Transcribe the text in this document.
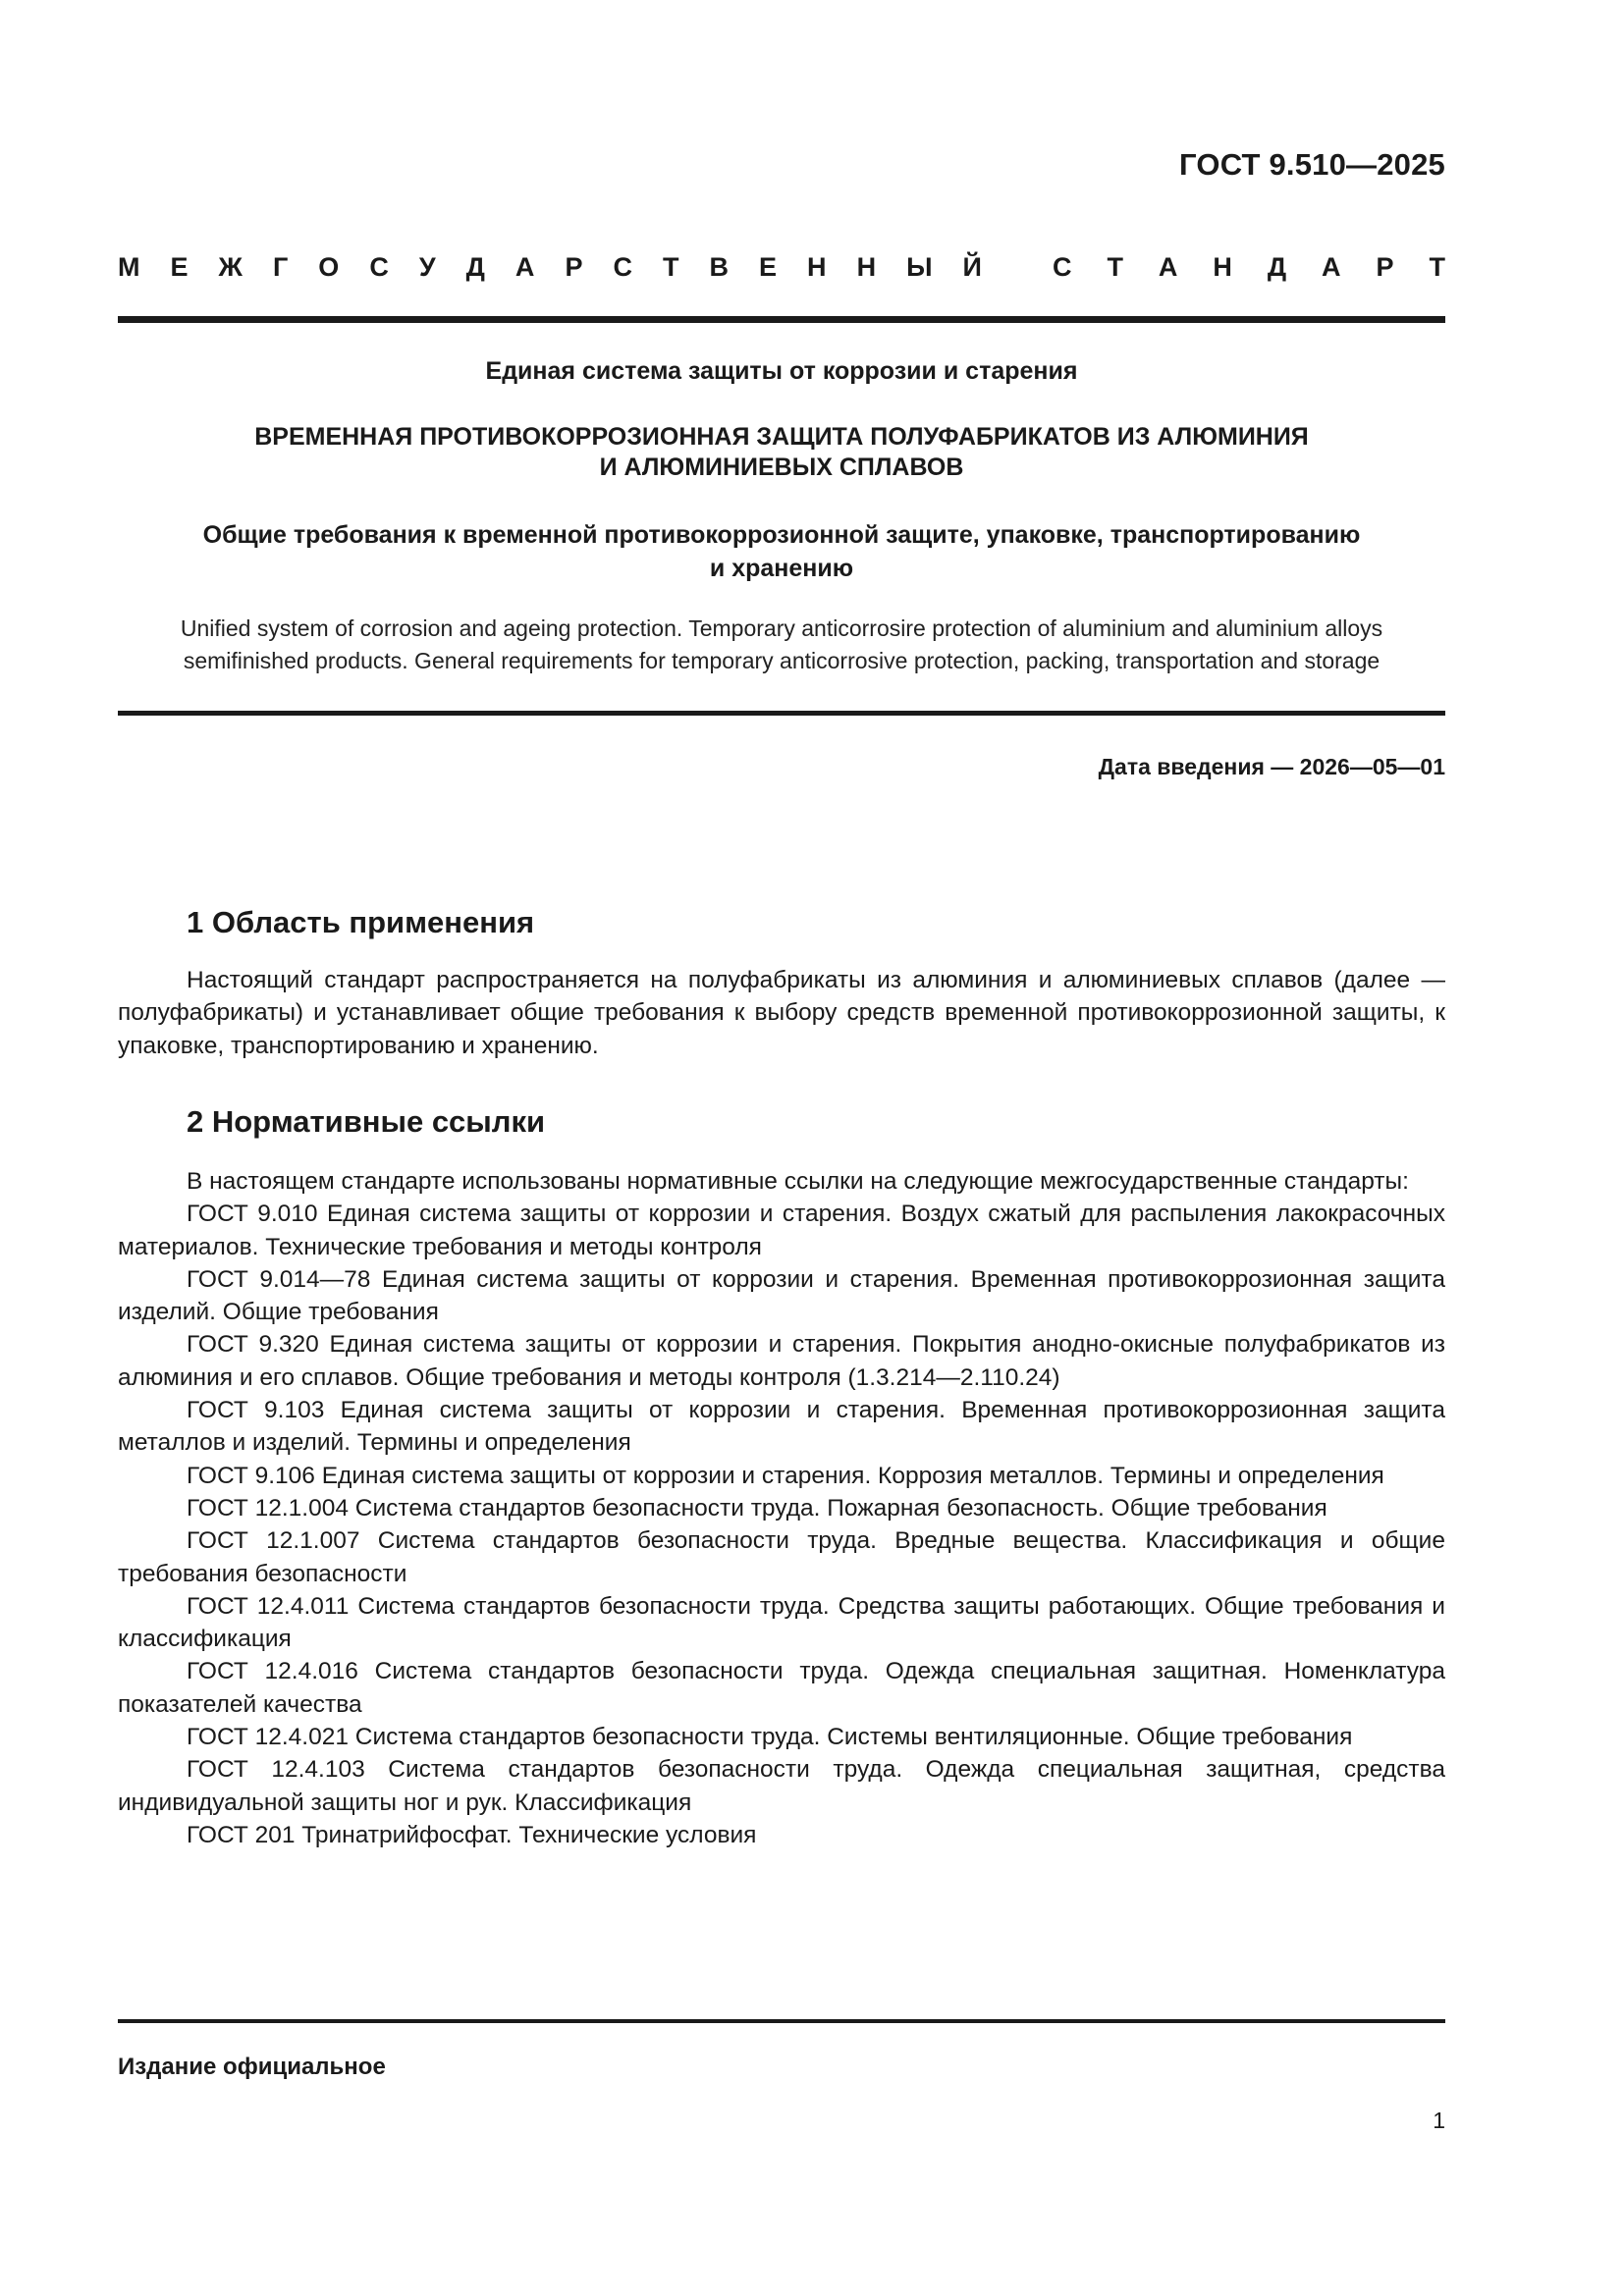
ГОСТ 9.510—2025
М Е Ж Г О С У Д А Р С Т В Е Н Н Ы Й	С Т А Н Д А Р Т
Единая система защиты от коррозии и старения
ВРЕМЕННАЯ ПРОТИВОКОРРОЗИОННАЯ ЗАЩИТА ПОЛУФАБРИКАТОВ ИЗ АЛЮМИНИЯ
И АЛЮМИНИЕВЫХ СПЛАВОВ
Общие требования к временной противокоррозионной защите, упаковке, транспортированию
и хранению
Unified system of corrosion and ageing protection. Temporary anticorrosire protection of aluminium and aluminium alloys
semifinished products. General requirements for temporary anticorrosive protection, packing, transportation and storage
Дата введения — 2026—05—01
1 Область применения

Настоящий стандарт распространяется на полуфабрикаты из алюминия и алюминиевых сплавов (далее — полуфабрикаты) и устанавливает общие требования к выбору средств временной противокоррозионной защиты, к упаковке, транспортированию и хранению.

2 Нормативные ссылки

В настоящем стандарте использованы нормативные ссылки на следующие межгосударственные стандарты:

ГОСТ 9.010 Единая система защиты от коррозии и старения. Воздух сжатый для распыления лакокрасочных материалов. Технические требования и методы контроля

ГОСТ 9.014—78 Единая система защиты от коррозии и старения. Временная противокоррозионная защита изделий. Общие требования

ГОСТ 9.320 Единая система защиты от коррозии и старения. Покрытия анодно-окисные полуфабрикатов из алюминия и его сплавов. Общие требования и методы контроля (1.3.214—2.110.24)

ГОСТ 9.103 Единая система защиты от коррозии и старения. Временная противокоррозионная защита металлов и изделий. Термины и определения

ГОСТ 9.106 Единая система защиты от коррозии и старения. Коррозия металлов. Термины и определения

ГОСТ 12.1.004 Система стандартов безопасности труда. Пожарная безопасность. Общие требования

ГОСТ 12.1.007 Система стандартов безопасности труда. Вредные вещества. Классификация и общие требования безопасности

ГОСТ 12.4.011 Система стандартов безопасности труда. Средства защиты работающих. Общие требования и классификация

ГОСТ 12.4.016 Система стандартов безопасности труда. Одежда специальная защитная. Номенклатура показателей качества

ГОСТ 12.4.021 Система стандартов безопасности труда. Системы вентиляционные. Общие требования

ГОСТ 12.4.103 Система стандартов безопасности труда. Одежда специальная защитная, средства индивидуальной защиты ног и рук. Классификация

ГОСТ 201 Тринатрийфосфат. Технические условия

Издание официальное
1
